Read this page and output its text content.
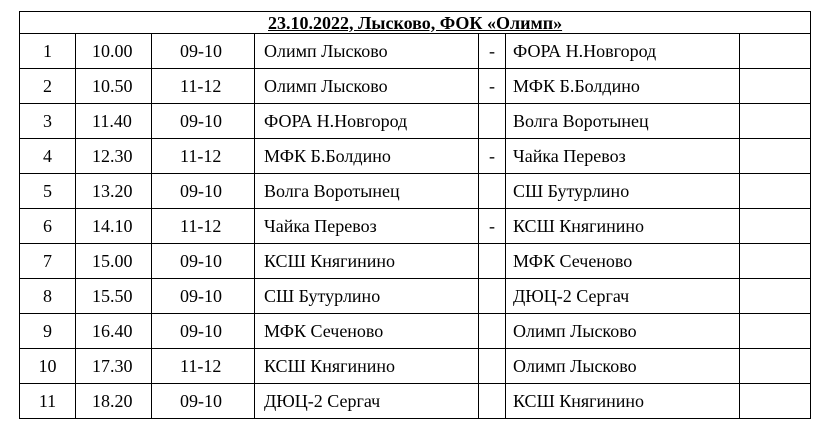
23.10.2022, Лысково, ФОК «Олимп»						
1	10.00	09-10	Олимп Лысково	-	ФОРА Н.Новгород	
2	10.50	11-12	Олимп Лысково	-	МФК Б.Болдино	
3	11.40	09-10	ФОРА Н.Новгород		Волга Воротынец	
4	12.30	11-12	МФК Б.Болдино	-	Чайка Перевоз	
5	13.20	09-10	Волга Воротынец		СШ Бутурлино	
6	14.10	11-12	Чайка Перевоз	-	КСШ Княгинино	
7	15.00	09-10	КСШ Княгинино		МФК Сеченово	
8	15.50	09-10	СШ Бутурлино		ДЮЦ-2 Сергач	
9	16.40	09-10	МФК Сеченово		Олимп Лысково	
10	17.30	11-12	КСШ Княгинино		Олимп Лысково	
11	18.20	09-10	ДЮЦ-2 Сергач		КСШ Княгинино	
